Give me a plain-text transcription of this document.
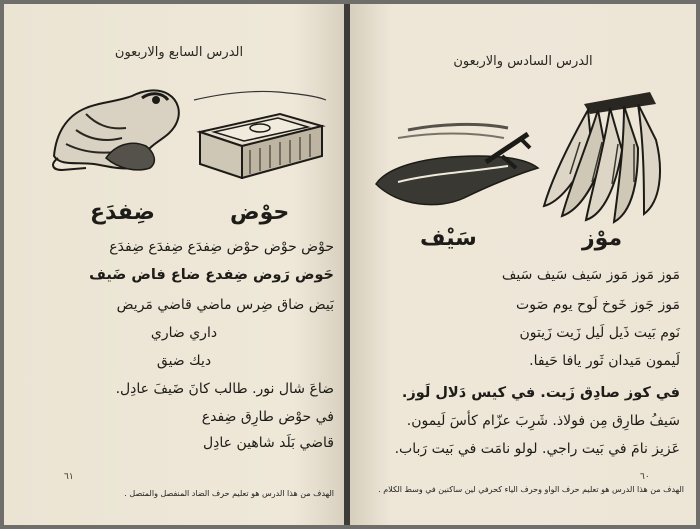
الدرس السابع والاربعون
حوْض
ضِفدَع
حوْض حوْض حوْض ضِفدَع ضِفدَع ضِفدَع
حَوض رَوض ضِفدع ضاع فاض ضَيف
بَيض ضاق ضِرس ماضي قاضي مَريض
داري ضاري
ديك ضيق
ضاعَ شال نور. طالب كانَ ضَيفَ عادِل.
في حوْض طارِق ضِفدع
قاضي بَلَد شاهين عادِل
٦١
الهدف من هذا الدرس هو تعليم حرف الضاد المنفصل والمتصل .
الدرس السادس والاربعون
موْز
سَيْف
مَوز مَوز مَوز سَيف سَيف سَيف
مَوز جَوز خَوخ لَوح يوم صَوت
نَوم بَيت ذَيل لَيل زَيت زَيتون
لَيمون مَيدان ثَور يافا حَيفا.
في كوز صادِق زَيت. في كيس دَلال لَوز.
سَيفُ طارِق مِن فولاذ. شَرِبَ عزّام كأسَ لَيمون.
عَزيز نامَ في بَيت راجي. لولو نامَت في بَيت رَباب.
٦٠
الهدف من هذا الدرس هو تعليم حرف الواو وحرف الياء كحرفي لين ساكنين في وسط الكلام .
